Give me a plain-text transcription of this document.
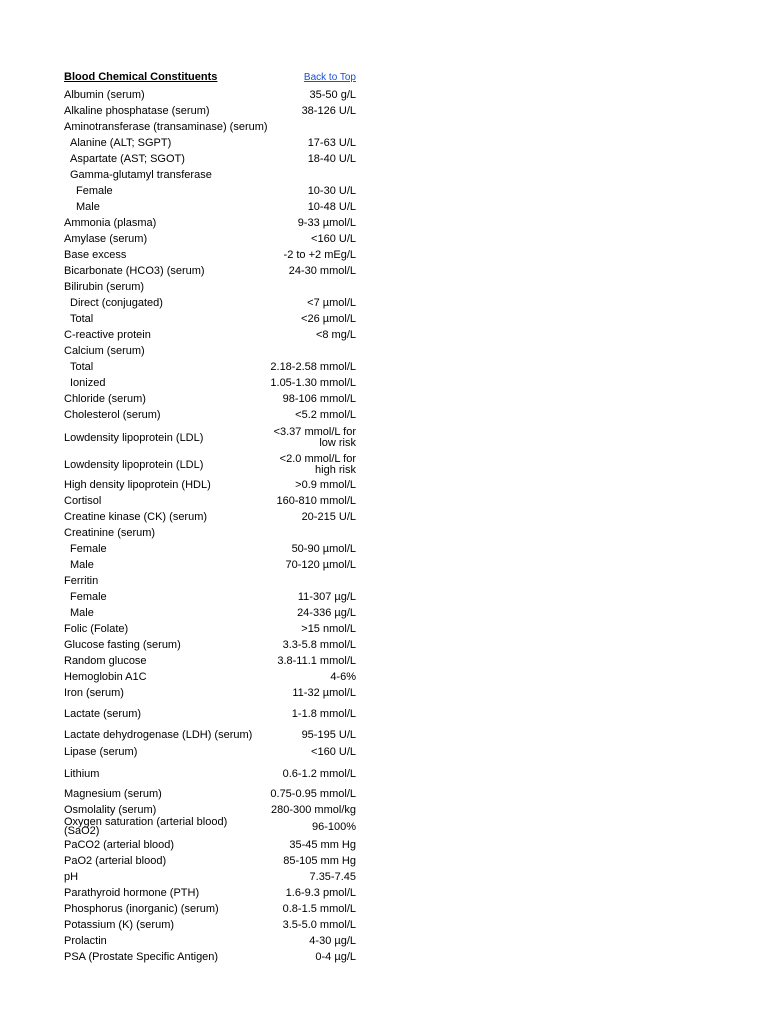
Blood Chemical Constituents	Back to Top
Albumin (serum)	35-50 g/L
Alkaline phosphatase (serum)	38-126 U/L
Aminotransferase (transaminase) (serum)
Alanine (ALT; SGPT)	17-63 U/L
Aspartate (AST; SGOT)	18-40 U/L
Gamma-glutamyl transferase
Female	10-30 U/L
Male	10-48 U/L
Ammonia (plasma)	9-33 µmol/L
Amylase (serum)	<160 U/L
Base excess	-2 to +2 mEg/L
Bicarbonate (HCO3) (serum)	24-30 mmol/L
Bilirubin (serum)
Direct (conjugated)	<7 µmol/L
Total	<26 µmol/L
C-reactive protein	<8 mg/L
Calcium (serum)
Total	2.18-2.58 mmol/L
Ionized	1.05-1.30 mmol/L
Chloride (serum)	98-106 mmol/L
Cholesterol (serum)	<5.2 mmol/L
Lowdensity lipoprotein (LDL)	<3.37 mmol/L for low risk
Lowdensity lipoprotein (LDL)	<2.0 mmol/L for high risk
High density lipoprotein (HDL)	>0.9 mmol/L
Cortisol	160-810 mmol/L
Creatine kinase (CK) (serum)	20-215 U/L
Creatinine (serum)
Female	50-90 µmol/L
Male	70-120 µmol/L
Ferritin
Female	11-307 µg/L
Male	24-336 µg/L
Folic (Folate)	>15 nmol/L
Glucose fasting (serum)	3.3-5.8 mmol/L
Random glucose	3.8-11.1 mmol/L
Hemoglobin A1C	4-6%
Iron (serum)	11-32 µmol/L
Lactate (serum)	1-1.8 mmol/L
Lactate dehydrogenase (LDH) (serum)	95-195 U/L
Lipase (serum)	<160 U/L
Lithium	0.6-1.2 mmol/L
Magnesium (serum)	0.75-0.95 mmol/L
Osmolality (serum)	280-300 mmol/kg
Oxygen saturation (arterial blood) (SaO2)	96-100%
PaCO2 (arterial blood)	35-45 mm Hg
PaO2 (arterial blood)	85-105 mm Hg
pH	7.35-7.45
Parathyroid hormone (PTH)	1.6-9.3 pmol/L
Phosphorus (inorganic) (serum)	0.8-1.5 mmol/L
Potassium (K) (serum)	3.5-5.0 mmol/L
Prolactin	4-30 µg/L
PSA (Prostate Specific Antigen)	0-4 µg/L
